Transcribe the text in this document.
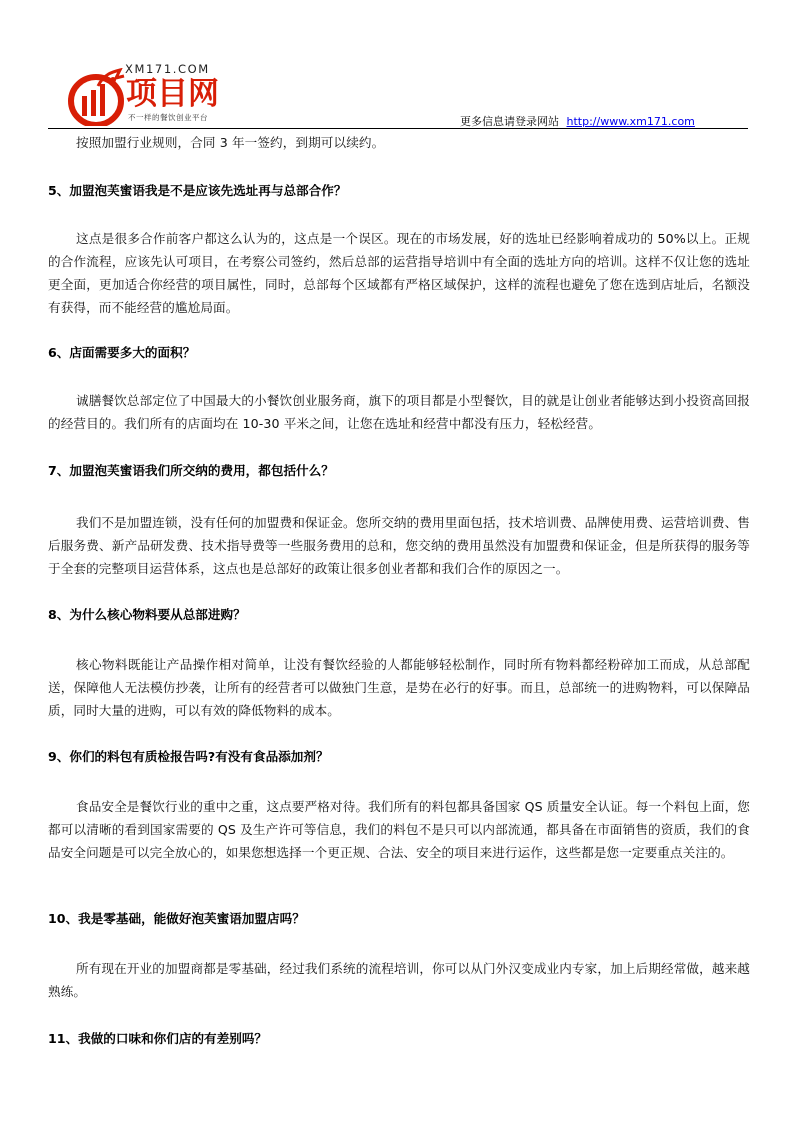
XM171.COM
项目网
不一样的餐饮创业平台	更多信息请登录网站 http://www.xm171.com
按照加盟行业规则，合同 3 年一签约，到期可以续约。
5、加盟泡芙蜜语我是不是应该先选址再与总部合作？
这点是很多合作前客户都这么认为的，这点是一个误区。现在的市场发展，好的选址已经影响着成功的 50%以上。正规的合作流程，应该先认可项目，在考察公司签约，然后总部的运营指导培训中有全面的选址方向的培训。这样不仅让您的选址更全面，更加适合你经营的项目属性，同时，总部每个区域都有严格区域保护，这样的流程也避免了您在选到店址后，名额没有获得，而不能经营的尴尬局面。
6、店面需要多大的面积？
诚膳餐饮总部定位了中国最大的小餐饮创业服务商，旗下的项目都是小型餐饮，目的就是让创业者能够达到小投资高回报的经营目的。我们所有的店面均在 10-30 平米之间，让您在选址和经营中都没有压力，轻松经营。
7、加盟泡芙蜜语我们所交纳的费用，都包括什么？
我们不是加盟连锁，没有任何的加盟费和保证金。您所交纳的费用里面包括，技术培训费、品牌使用费、运营培训费、售后服务费、新产品研发费、技术指导费等一些服务费用的总和，您交纳的费用虽然没有加盟费和保证金，但是所获得的服务等于全套的完整项目运营体系，这点也是总部好的政策让很多创业者都和我们合作的原因之一。
8、为什么核心物料要从总部进购？
核心物料既能让产品操作相对简单，让没有餐饮经验的人都能够轻松制作，同时所有物料都经粉碎加工而成，从总部配送，保障他人无法模仿抄袭，让所有的经营者可以做独门生意，是势在必行的好事。而且，总部统一的进购物料，可以保障品质，同时大量的进购，可以有效的降低物料的成本。
9、你们的料包有质检报告吗?有没有食品添加剂？
食品安全是餐饮行业的重中之重，这点要严格对待。我们所有的料包都具备国家 QS 质量安全认证。每一个料包上面，您都可以清晰的看到国家需要的 QS 及生产许可等信息，我们的料包不是只可以内部流通，都具备在市面销售的资质，我们的食品安全问题是可以完全放心的，如果您想选择一个更正规、合法、安全的项目来进行运作，这些都是您一定要重点关注的。
10、我是零基础，能做好泡芙蜜语加盟店吗？
所有现在开业的加盟商都是零基础，经过我们系统的流程培训，你可以从门外汉变成业内专家，加上后期经常做，越来越熟练。
11、我做的口味和你们店的有差别吗？
